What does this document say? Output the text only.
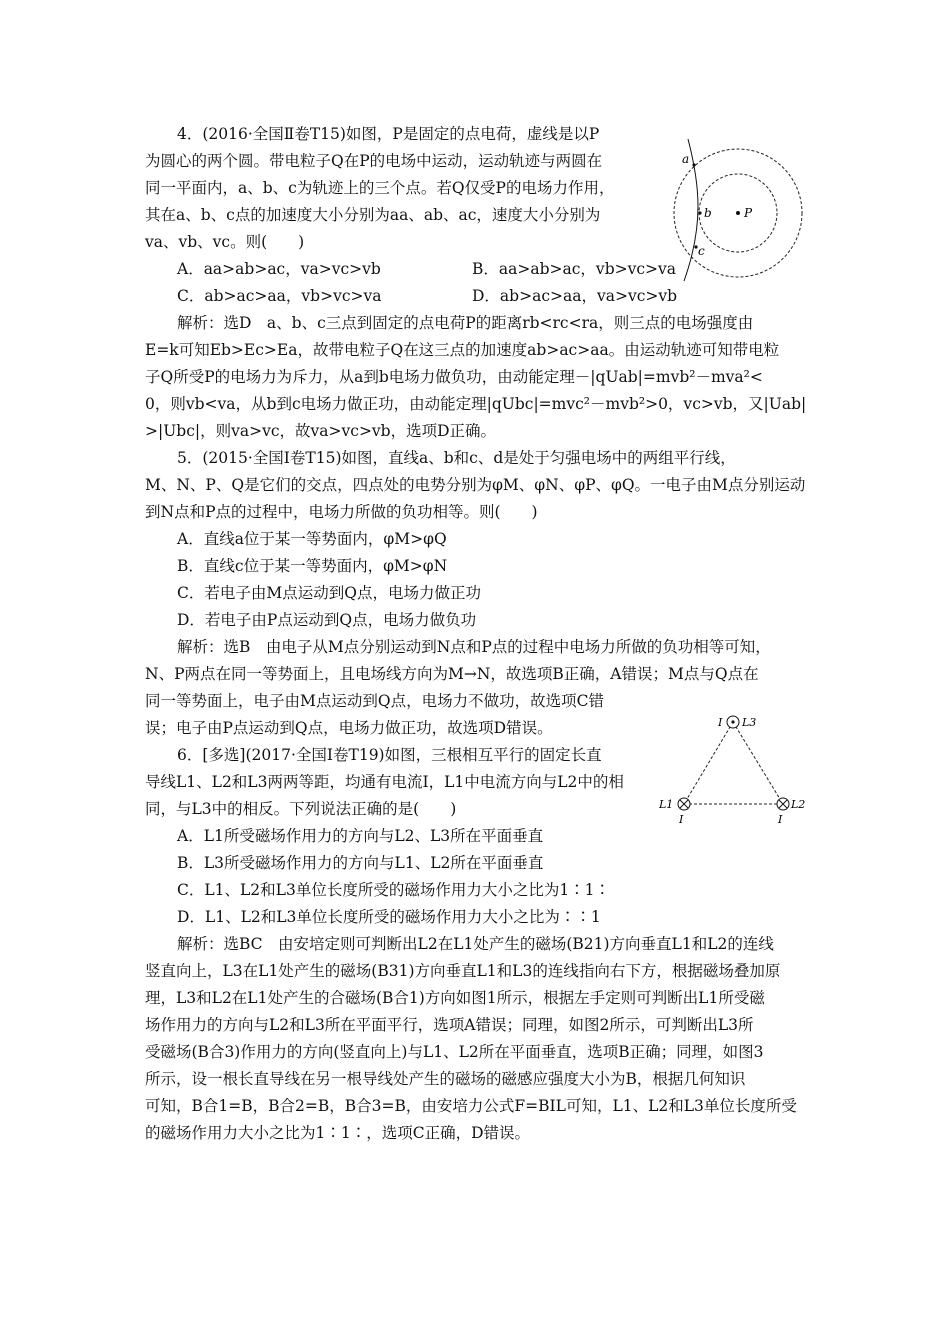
4．(2016·全国Ⅱ卷T15)如图，P是固定的点电荷，虚线是以P
为圆心的两个圆。带电粒子Q在P的电场中运动，运动轨迹与两圆在
同一平面内，a、b、c为轨迹上的三个点。若Q仅受P的电场力作用，
其在a、b、c点的加速度大小分别为aa、ab、ac，速度大小分别为
va、vb、vc。则(　　)
A．aa>ab>ac，va>vc>vb	B．aa>ab>ac，vb>vc>va
C．ab>ac>aa，vb>vc>va	D．ab>ac>aa，va>vc>vb
解析：选D　a、b、c三点到固定的点电荷P的距离rb<rc<ra，则三点的电场强度由
E=k可知Eb>Ec>Ea，故带电粒子Q在这三点的加速度ab>ac>aa。由运动轨迹可知带电粒
子Q所受P的电场力为斥力，从a到b电场力做负功，由动能定理－|qUab|=mvb²－mva²<
0，则vb<va，从b到c电场力做正功，由动能定理|qUbc|=mvc²－mvb²>0，vc>vb，又|Uab|
>|Ubc|，则va>vc，故va>vc>vb，选项D正确。
a
b
c
P
5．(2015·全国Ⅰ卷T15)如图，直线a、b和c、d是处于匀强电场中的两组平行线，
M、N、P、Q是它们的交点，四点处的电势分别为φM、φN、φP、φQ。一电子由M点分别运动
到N点和P点的过程中，电场力所做的负功相等。则(　　)
A．直线a位于某一等势面内，φM>φQ
B．直线c位于某一等势面内，φM>φN
C．若电子由M点运动到Q点，电场力做正功
D．若电子由P点运动到Q点，电场力做负功
解析：选B　由电子从M点分别运动到N点和P点的过程中电场力所做的负功相等可知，
N、P两点在同一等势面上，且电场线方向为M→N，故选项B正确，A错误；M点与Q点在
同一等势面上，电子由M点运动到Q点，电场力不做功，故选项C错
误；电子由P点运动到Q点，电场力做正功，故选项D错误。
6．[多选](2017·全国Ⅰ卷T19)如图，三根相互平行的固定长直
导线L1、L2和L3两两等距，均通有电流I，L1中电流方向与L2中的相
同，与L3中的相反。下列说法正确的是(　　)
A．L1所受磁场作用力的方向与L2、L3所在平面垂直
B．L3所受磁场作用力的方向与L1、L2所在平面垂直
C．L1、L2和L3单位长度所受的磁场作用力大小之比为1∶1∶
D．L1、L2和L3单位长度所受的磁场作用力大小之比为∶∶1
解析：选BC　由安培定则可判断出L2在L1处产生的磁场(B21)方向垂直L1和L2的连线
竖直向上，L3在L1处产生的磁场(B31)方向垂直L1和L3的连线指向右下方，根据磁场叠加原
理，L3和L2在L1处产生的合磁场(B合1)方向如图1所示，根据左手定则可判断出L1所受磁
场作用力的方向与L2和L3所在平面平行，选项A错误；同理，如图2所示，可判断出L3所
受磁场(B合3)作用力的方向(竖直向上)与L1、L2所在平面垂直，选项B正确；同理，如图3
所示，设一根长直导线在另一根导线处产生的磁场的磁感应强度大小为B，根据几何知识
可知，B合1=B，B合2=B，B合3=B，由安培力公式F=BIL可知，L1、L2和L3单位长度所受
的磁场作用力大小之比为1∶1∶，选项C正确，D错误。
I L3
L1
I
L2
I
